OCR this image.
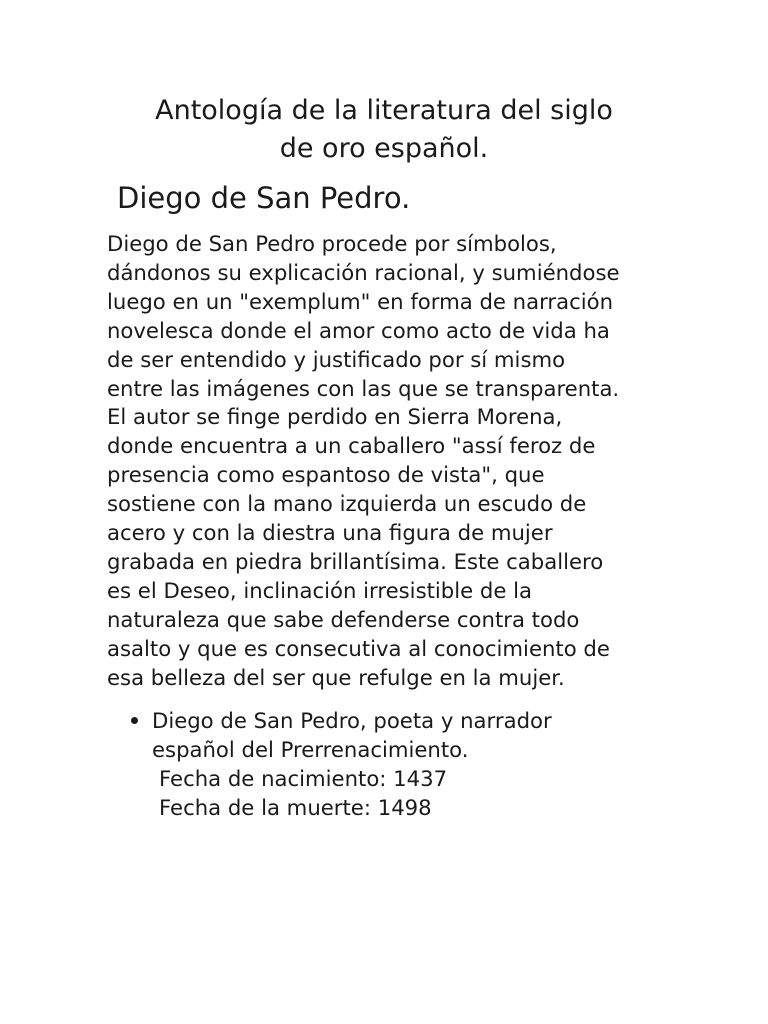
Antología de la literatura del siglo
de oro español.
Diego de San Pedro.

Diego de San Pedro procede por símbolos,
dándonos su explicación racional, y sumiéndose
luego en un "exemplum" en forma de narración
novelesca donde el amor como acto de vida ha
de ser entendido y justificado por sí mismo
entre las imágenes con las que se transparenta.
El autor se finge perdido en Sierra Morena,
donde encuentra a un caballero "assí feroz de
presencia como espantoso de vista", que
sostiene con la mano izquierda un escudo de
acero y con la diestra una figura de mujer
grabada en piedra brillantísima. Este caballero
es el Deseo, inclinación irresistible de la
naturaleza que sabe defenderse contra todo
asalto y que es consecutiva al conocimiento de
esa belleza del ser que refulge en la mujer.

Diego de San Pedro, poeta y narrador
español del Prerrenacimiento.
Fecha de nacimiento: 1437
Fecha de la muerte: 1498
